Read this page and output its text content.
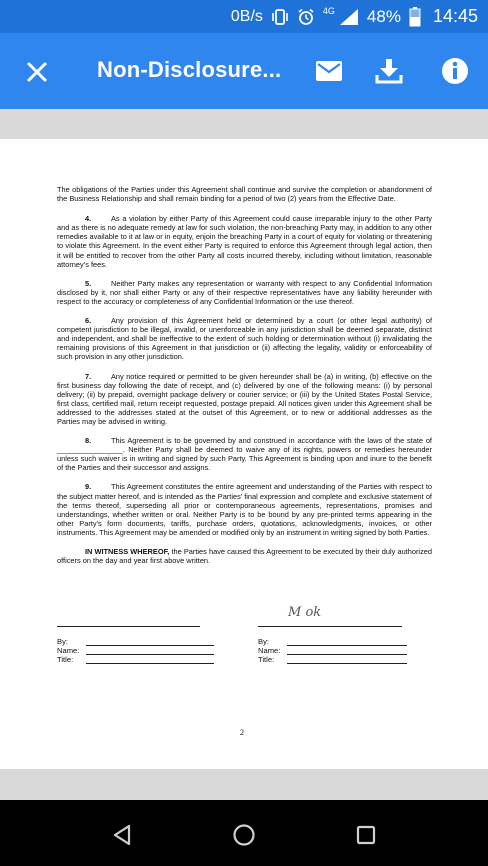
0B/s	4G 48% 14:45
Non-Disclosure...

The obligations of the Parties under this Agreement shall continue and survive the completion or abandonment of the Business Relationship and shall remain binding for a period of two (2) years from the Effective Date.

4.	As a violation by either Party of this Agreement could cause irreparable injury to the other Party and as there is no adequate remedy at law for such violation, the non-breaching Party may, in addition to any other remedies available to it at law or in equity, enjoin the breaching Party in a court of equity for violating or threatening to violate this Agreement. In the event either Party is required to enforce this Agreement through legal action, then it will be entitled to recover from the other Party all costs incurred thereby, including without limitation, reasonable attorney’s fees.

5.	Neither Party makes any representation or warranty with respect to any Confidential Information disclosed by it, nor shall either Party or any of their respective representatives have any liability hereunder with respect to the accuracy or completeness of any Confidential Information or the use thereof.

6.	Any provision of this Agreement held or determined by a court (or other legal authority) of competent jurisdiction to be illegal, invalid, or unenforceable in any jurisdiction shall be deemed separate, distinct and independent, and shall be ineffective to the extent of such holding or determination without (i) invalidating the remaining provisions of this Agreement in that jurisdiction or (ii) affecting the legality, validity or enforceability of such provision in any other jurisdiction.

7.	Any notice required or permitted to be given hereunder shall be (a) in writing, (b) effective on the first business day following the date of receipt, and (c) delivered by one of the following means: (i) by personal delivery; (ii) by prepaid, overnight package delivery or courier service; or (iii) by the United States Postal Service, first class, certified mail, return receipt requested, postage prepaid. All notices given under this Agreement shall be addressed to the addresses stated at the outset of this Agreement, or to new or additional addresses as the Parties may be advised in writing.

8.	This Agreement is to be governed by and construed in accordance with the laws of the state of ________________. Neither Party shall be deemed to waive any of its rights, powers or remedies hereunder unless such waiver is in writing and signed by such Party. This Agreement is binding upon and inure to the benefit of the Parties and their successor and assigns.

9.	This Agreement constitutes the entire agreement and understanding of the Parties with respect to the subject matter hereof, and is intended as the Parties’ final expression and complete and exclusive statement of the terms thereof, superseding all prior or contemporaneous agreements, representations, promises and understandings, whether written or oral. Neither Party is to be bound by any pre-printed terms appearing in the other Party’s form documents, tariffs, purchase orders, quotations, acknowledgments, invoices, or other instruments. This Agreement may be amended or modified only by an instrument in writing signed by both Parties.

IN WITNESS WHEREOF, the Parties have caused this Agreement to be executed by their duly authorized officers on the day and year first above written.

M ok
By:
Name:
Title:
By:
Name:
Title:
2
